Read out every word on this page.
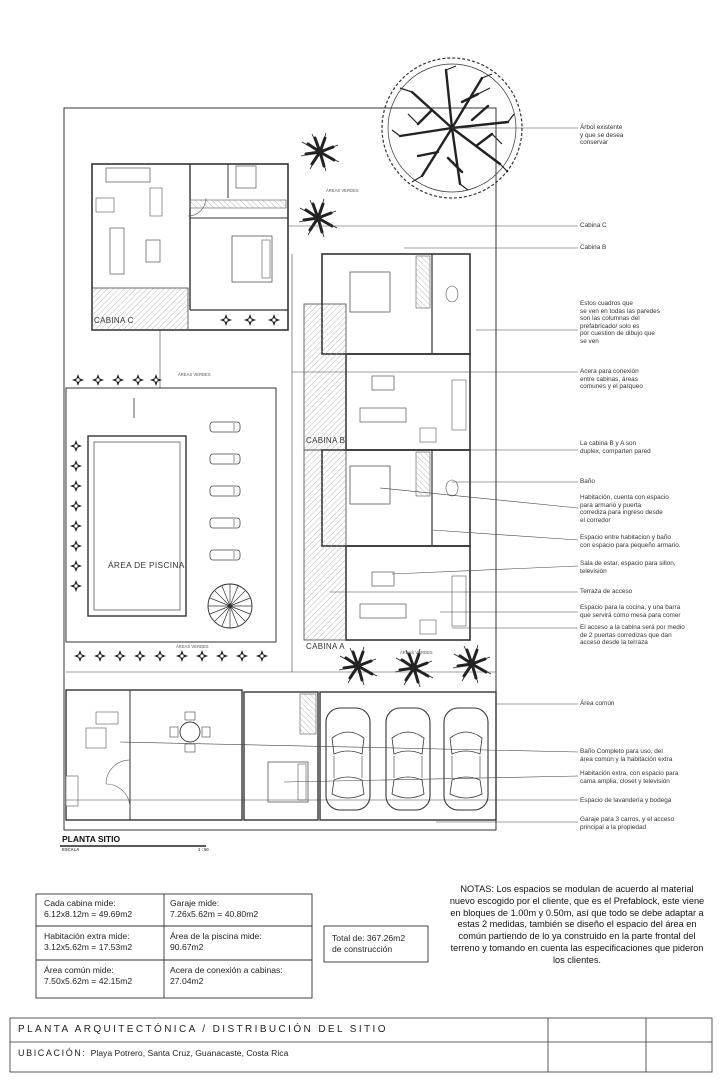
CABINA C
CABINA B
CABINA A
ÁREA DE PISCINA
ÁREAS VERDES
ÁREAS VERDES
ÁREAS VERDES
ÁREAS VERDES
PLANTA SITIO
ESCALA	1 : 50
Árbol existente
y que se desea
conservar
Cabina C
Cabina B
Estos cuadros que
se ven en todas las paredes
son las columnas del
prefabricado/ solo es
por cuestion de dibujo que
se ven
Acera para conexión
entre cabinas, áreas
comunes y el parqueo
La cabina B y A son
duplex, comparten pared
Baño
Habitación, cuenta con espacio
para armario y puerta
corrediza para ingreso desde
el corredor
Espacio entre habitacion y baño
con espacio para pequeño armario.
Sala de estar, espacio para sillon,
televisión
Terraza de acceso
Espacio para la cocina, y una barra
que servirá como mesa para comer
El acceso a la cabina será por medio
de 2 puertas corredizas que dan
acceso desde la terraza
Área común
Baño Completo para uso, del
área común y la habitación extra
Habitación extra, con espacio para
cama amplia, closet y televisión
Espacio de lavandería y bodega
Garaje para 3 carros, y el acceso
principal a la propiedad
Cada cabina mide:
6.12x8.12m = 49.69m2
Garaje mide:
7.26x5.62m = 40.80m2
Habitación extra mide:
3.12x5.62m = 17.53m2
Área de la piscina mide:
90.67m2
Área común mide:
7.50x5.62m = 42.15m2
Acera de conexión a cabinas:
27.04m2
Total de: 367.26m2
de construcción
NOTAS: Los espacios se modulan de acuerdo al material nuevo escogido por el cliente, que es el Prefablock, este viene en bloques de 1.00m y 0.50m, así que todo se debe adaptar a estas 2 medidas, también se diseño el espacio del área en común partiendo de lo ya construido en la parte frontal del terreno y tomando en cuenta las especificaciones que pideron los clientes.
PLANTA ARQUITECTÓNICA / DISTRIBUCIÓN DEL SITIO
UBICACIÓN: Playa Potrero, Santa Cruz, Guanacaste, Costa Rica
